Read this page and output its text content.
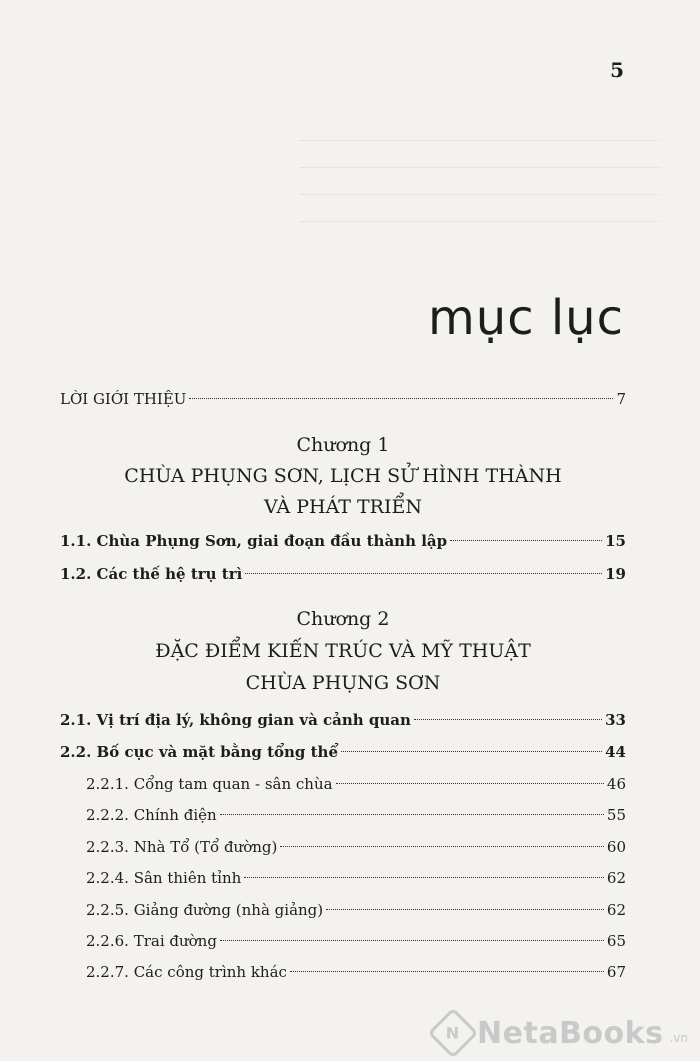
5
mục lục
LỜI GIỚI THIỆU	7
Chương 1
CHÙA PHỤNG SƠN, LỊCH SỬ HÌNH THÀNH
VÀ PHÁT TRIỂN
1.1. Chùa Phụng Sơn, giai đoạn đầu thành lập	15
1.2. Các thế hệ trụ trì	19
Chương 2
ĐẶC ĐIỂM KIẾN TRÚC VÀ MỸ THUẬT
CHÙA PHỤNG SƠN
2.1. Vị trí địa lý, không gian và cảnh quan	33
2.2. Bố cục và mặt bằng tổng thể	44
2.2.1. Cổng tam quan - sân chùa	46
2.2.2. Chính điện	55
2.2.3. Nhà Tổ (Tổ đường)	60
2.2.4. Sân thiên tỉnh	62
2.2.5. Giảng đường (nhà giảng)	62
2.2.6. Trai đường	65
2.2.7. Các công trình khác	67
N NetaBooks .vn
